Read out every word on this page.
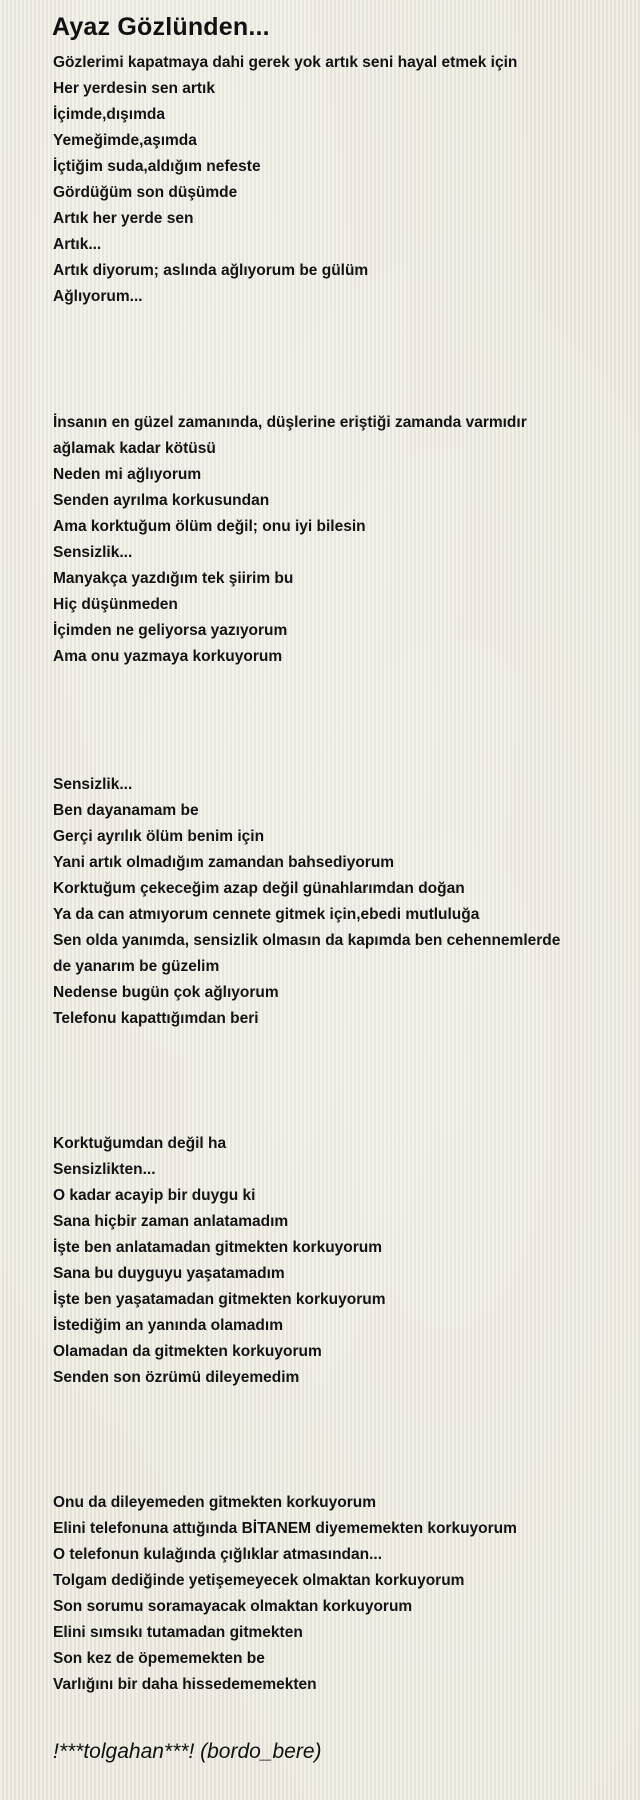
Ayaz Gözlünden...
Gözlerimi kapatmaya dahi gerek yok artık seni hayal etmek için
Her yerdesin sen artık
İçimde,dışımda
Yemeğimde,aşımda
İçtiğim suda,aldığım nefeste
Gördüğüm son düşümde
Artık her yerde sen
Artık...
Artık diyorum; aslında ağlıyorum be gülüm
Ağlıyorum...
İnsanın en güzel zamanında, düşlerine eriştiği zamanda varmıdır
ağlamak kadar kötüsü
Neden mi ağlıyorum
Senden ayrılma korkusundan
Ama korktuğum ölüm değil; onu iyi bilesin
Sensizlik...
Manyakça yazdığım tek şiirim bu
Hiç düşünmeden
İçimden ne geliyorsa yazıyorum
Ama onu yazmaya korkuyorum
Sensizlik...
Ben dayanamam be
Gerçi ayrılık ölüm benim için
Yani artık olmadığım zamandan bahsediyorum
Korktuğum çekeceğim azap değil günahlarımdan doğan
Ya da can atmıyorum cennete gitmek için,ebedi mutluluğa
Sen olda yanımda, sensizlik olmasın da kapımda ben cehennemlerde
de yanarım be güzelim
Nedense bugün çok ağlıyorum
Telefonu kapattığımdan beri
Korktuğumdan değil ha
Sensizlikten...
O kadar acayip bir duygu ki
Sana hiçbir zaman anlatamadım
İşte ben anlatamadan gitmekten korkuyorum
Sana bu duyguyu yaşatamadım
İşte ben yaşatamadan gitmekten korkuyorum
İstediğim an yanında olamadım
Olamadan da gitmekten korkuyorum
Senden son özrümü dileyemedim
Onu da dileyemeden gitmekten korkuyorum
Elini telefonuna attığında BİTANEM diyememekten korkuyorum
O telefonun kulağında çığlıklar atmasından...
Tolgam dediğinde yetişemeyecek olmaktan korkuyorum
Son sorumu soramayacak olmaktan korkuyorum
Elini sımsıkı tutamadan gitmekten
Son kez de öpememekten be
Varlığını bir daha hissedememekten
!***tolgahan***! (bordo_bere)
